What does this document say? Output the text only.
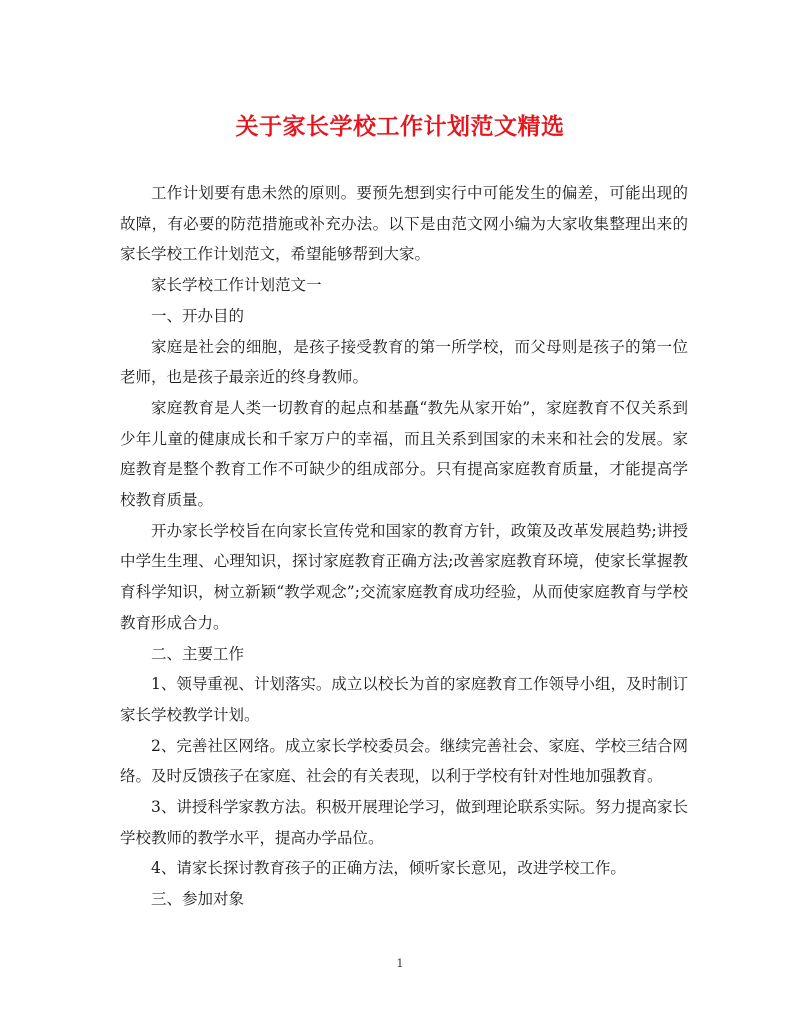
关于家长学校工作计划范文精选

工作计划要有患未然的原则。要预先想到实行中可能发生的偏差，可能出现的故障，有必要的防范措施或补充办法。以下是由范文网小编为大家收集整理出来的家长学校工作计划范文，希望能够帮到大家。

家长学校工作计划范文一

一、开办目的

家庭是社会的细胞，是孩子接受教育的第一所学校，而父母则是孩子的第一位老师，也是孩子最亲近的终身教师。

家庭教育是人类一切教育的起点和基矗“教先从家开始”，家庭教育不仅关系到少年儿童的健康成长和千家万户的幸福，而且关系到国家的未来和社会的发展。家庭教育是整个教育工作不可缺少的组成部分。只有提高家庭教育质量，才能提高学校教育质量。

开办家长学校旨在向家长宣传党和国家的教育方针，政策及改革发展趋势;讲授中学生生理、心理知识，探讨家庭教育正确方法;改善家庭教育环境，使家长掌握教育科学知识，树立新颖“教学观念”;交流家庭教育成功经验，从而使家庭教育与学校教育形成合力。

二、主要工作

1、领导重视、计划落实。成立以校长为首的家庭教育工作领导小组，及时制订家长学校教学计划。

2、完善社区网络。成立家长学校委员会。继续完善社会、家庭、学校三结合网络。及时反馈孩子在家庭、社会的有关表现，以利于学校有针对性地加强教育。

3、讲授科学家教方法。积极开展理论学习，做到理论联系实际。努力提高家长学校教师的教学水平，提高办学品位。

4、请家长探讨教育孩子的正确方法，倾听家长意见，改进学校工作。

三、参加对象

1
